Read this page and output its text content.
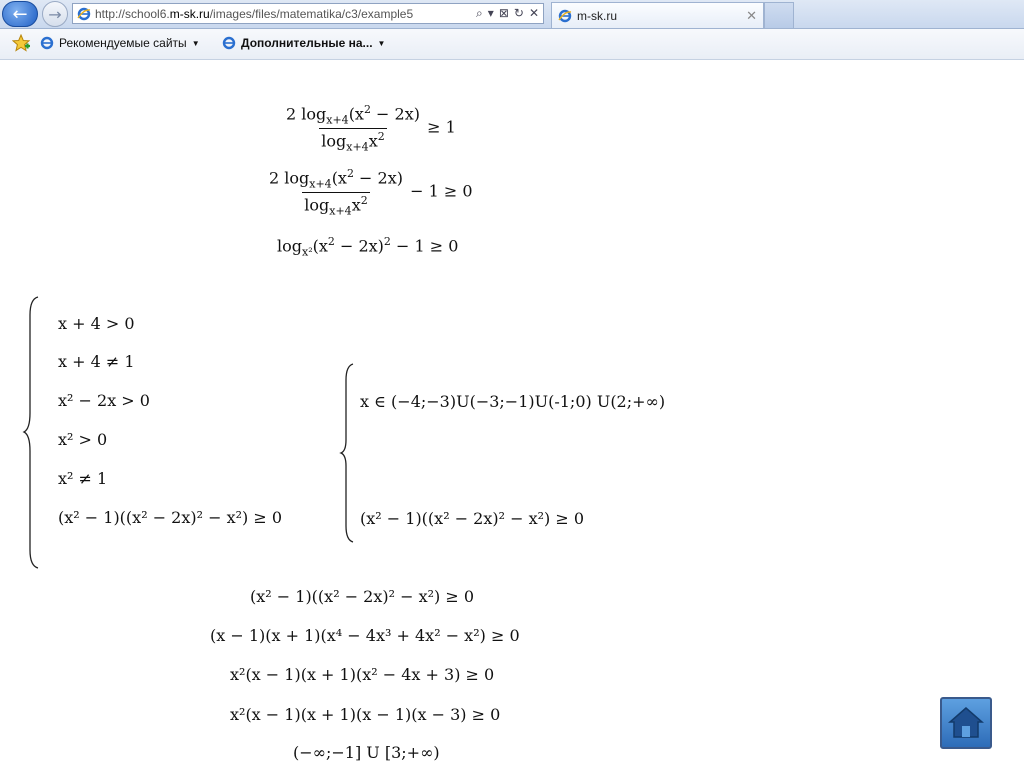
← →	http://school6.m-sk.ru/images/files/matematika/c3/example5	⌕ ▾ ⊠ ↻ ✕	m-sk.ru	✕
Рекомендуемые сайты ▼	Дополнительные на... ▼
$\frac{2 \log_{x+4}(x^2 - 2x)}{\log_{x+4}x^2} \ge 1$
$\frac{2 \log_{x+4}(x^2 - 2x)}{\log_{x+4}x^2} - 1 \ge 0$
$\log_{x^2}(x^2 - 2x)^2 - 1 \ge 0$
x + 4 > 0
x + 4 ≠ 1
x² − 2x > 0
x² > 0
x² ≠ 1
(x² − 1)((x² − 2x)² − x²) ≥ 0
x ∈ (−4;−3)U(−3;−1)U(-1;0) U(2;+∞)
(x² − 1)((x² − 2x)² − x²) ≥ 0
(x² − 1)((x² − 2x)² − x²) ≥ 0
(x − 1)(x + 1)(x⁴ − 4x³ + 4x² − x²) ≥ 0
x²(x − 1)(x + 1)(x² − 4x + 3) ≥ 0
x²(x − 1)(x + 1)(x − 1)(x − 3) ≥ 0
(−∞;−1] U [3;+∞)
